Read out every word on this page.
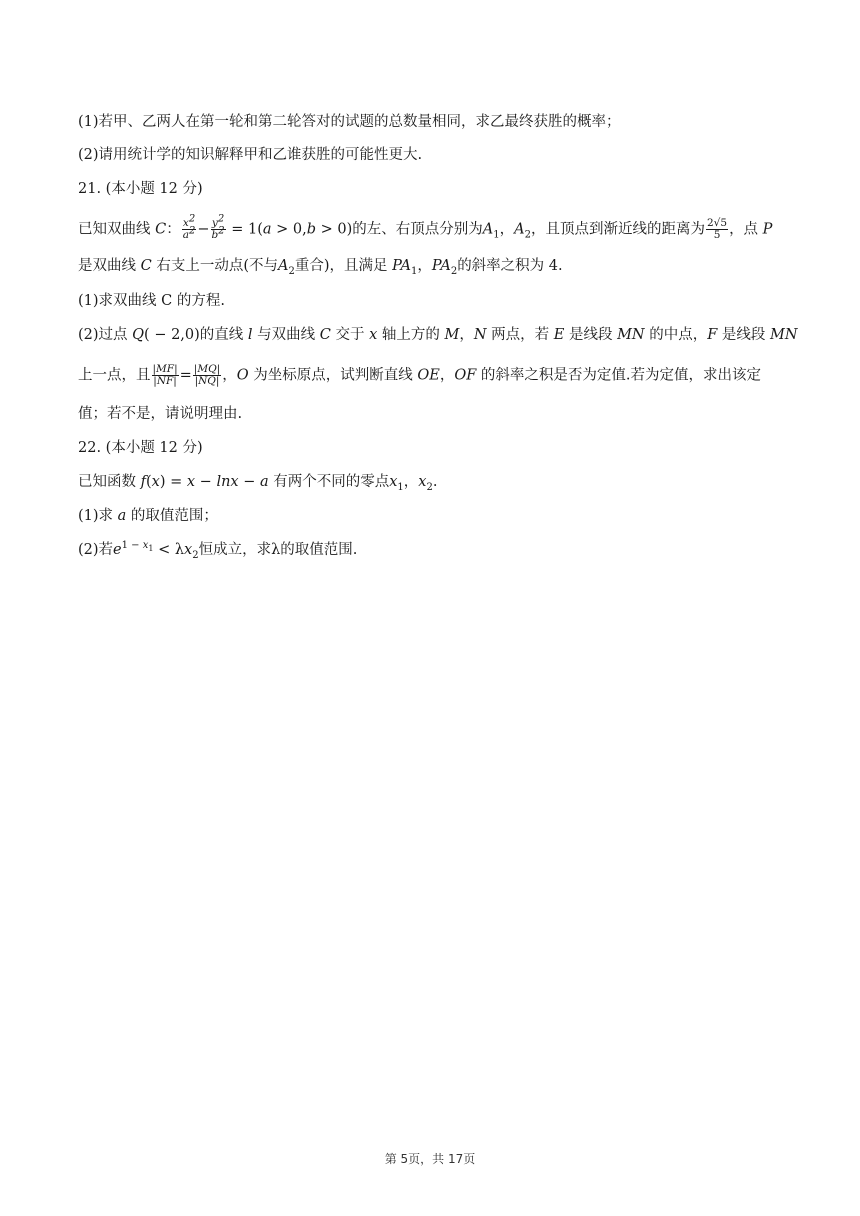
(1)若甲、乙两人在第一轮和第二轮答对的试题的总数量相同，求乙最终获胜的概率；
(2)请用统计学的知识解释甲和乙谁获胜的可能性更大.
21. (本小题 12 分)
已知双曲线 C： $\frac{x^2}{a^2} - \frac{y^2}{b^2} = 1(a > 0,b > 0)$的左、右顶点分别为$A_1$，$A_2$，且顶点到渐近线的距离为 $\frac{2√5}{5}$ ，点 P
是双曲线 C 右支上一动点(不与$A_2$重合)，且满足 $PA_1$，$PA_2$的斜率之积为 4.
(1)求双曲线 C 的方程.
(2)过点 Q( − 2,0)的直线 l 与双曲线 C 交于 x 轴上方的 M，N 两点，若 E 是线段 MN 的中点，F 是线段 MN
上一点，且 $\frac{|MF|}{|NF|} = \frac{|MQ|}{|NQ|}$ ，O 为坐标原点，试判断直线 OE，OF 的斜率之积是否为定值.若为定值，求出该定
值；若不是，请说明理由.
22. (本小题 12 分)
已知函数 f(x) = x − lnx − a 有两个不同的零点$x_1$，$x_2$.
(1)求 a 的取值范围；
(2)若$e^{1 - x_1} < \lambda x_2$恒成立，求λ的取值范围.
第 5页，共 17页
